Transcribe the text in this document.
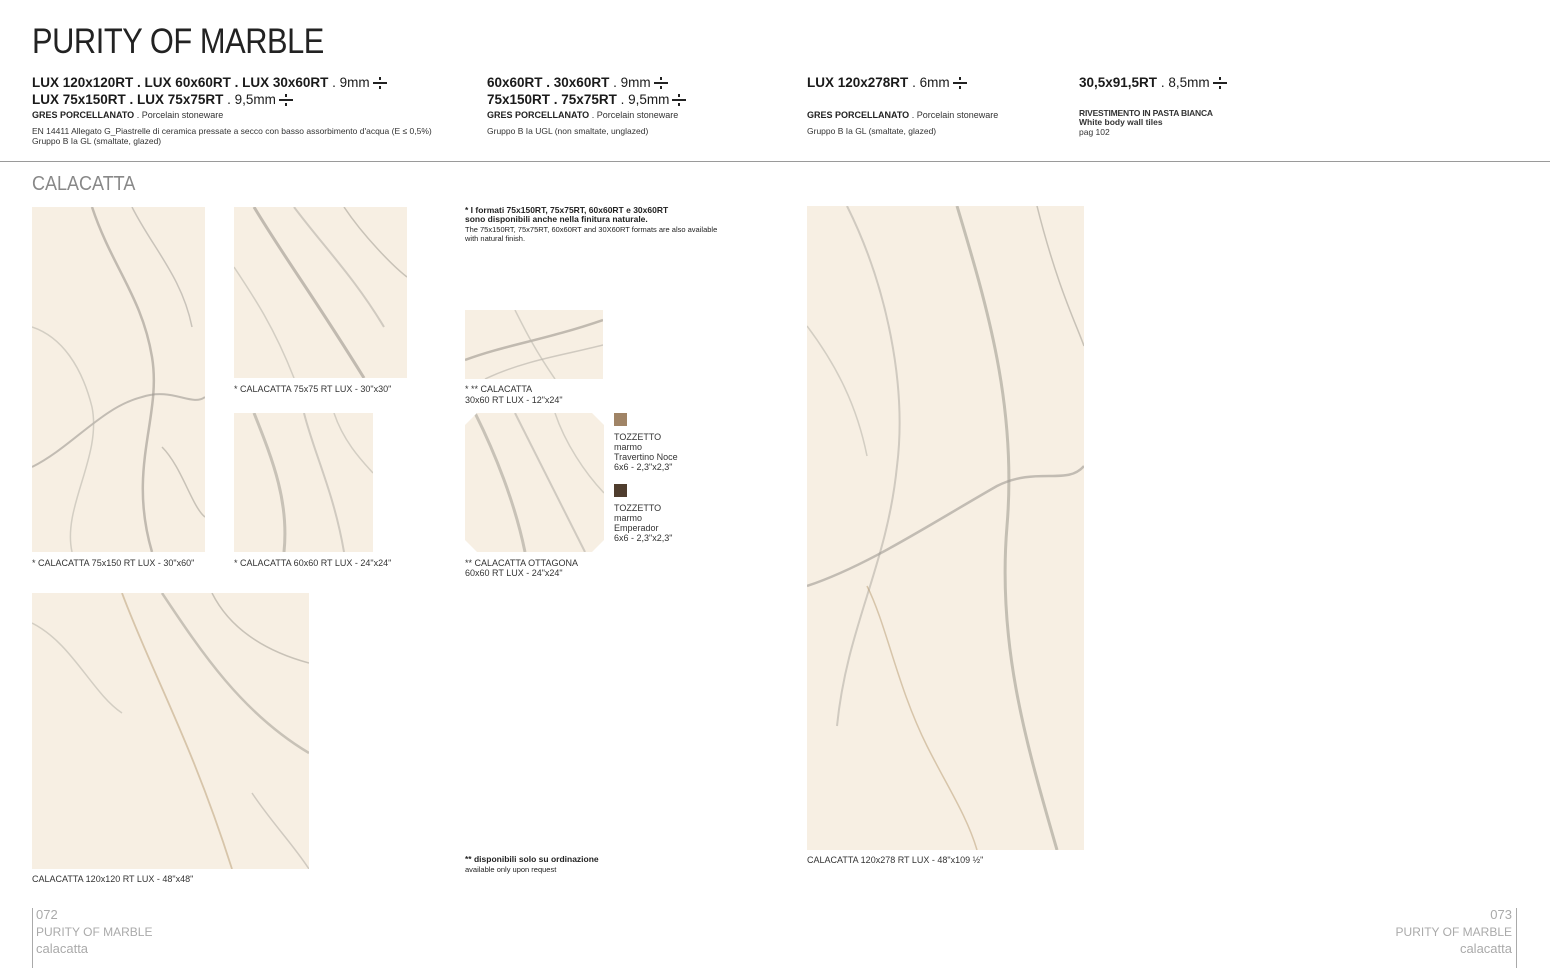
PURITY OF MARBLE
LUX 120x120RT . LUX 60x60RT . LUX 30x60RT . 9mm
LUX 75x150RT . LUX 75x75RT . 9,5mm
GRES PORCELLANATO . Porcelain stoneware
EN 14411 Allegato G_Piastrelle di ceramica pressate a secco con basso assorbimento d'acqua (E ≤ 0,5%)
Gruppo B Ia GL (smaltate, glazed)
60x60RT . 30x60RT . 9mm
75x150RT . 75x75RT . 9,5mm
GRES PORCELLANATO . Porcelain stoneware
Gruppo B Ia UGL (non smaltate, unglazed)
LUX 120x278RT . 6mm
GRES PORCELLANATO . Porcelain stoneware
Gruppo B Ia GL (smaltate, glazed)
30,5x91,5RT . 8,5mm
RIVESTIMENTO IN PASTA BIANCA
White body wall tiles
pag 102
CALACATTA
* CALACATTA 75x150 RT LUX - 30"x60"
* CALACATTA 75x75 RT LUX - 30"x30"
* CALACATTA 60x60 RT LUX - 24"x24"
* ** CALACATTA
30x60 RT LUX - 12"x24"
** CALACATTA OTTAGONA
60x60 RT LUX - 24"x24"
TOZZETTO
marmo
Travertino Noce
6x6 - 2,3"x2,3"
TOZZETTO
marmo
Emperador
6x6 - 2,3"x2,3"
* I formati 75x150RT, 75x75RT, 60x60RT e 30x60RT
sono disponibili anche nella finitura naturale.
The 75x150RT, 75x75RT, 60x60RT and 30X60RT formats are also available
with natural finish.
CALACATTA 120x120 RT LUX - 48"x48"
** disponibili solo su ordinazione
available only upon request
CALACATTA 120x278 RT LUX - 48"x109 ½"
072
PURITY OF MARBLE
calacatta
073
PURITY OF MARBLE
calacatta
